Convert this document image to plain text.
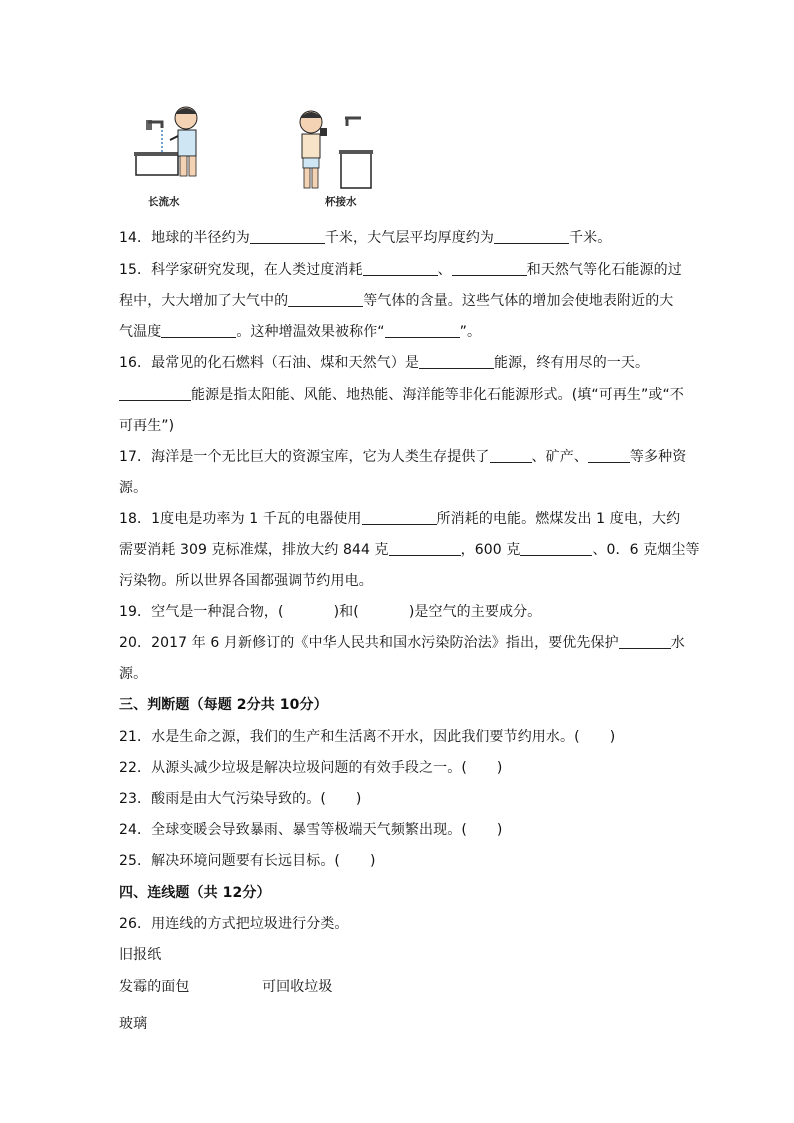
长流水	杯接水
14．地球的半径约为	千米，大气层平均厚度约为	千米。
15．科学家研究发现，在人类过度消耗	、	和天然气等化石能源的过
程中，大大增加了大气中的	等气体的含量。这些气体的增加会使地表附近的大
气温度	。这种增温效果被称作“	”。
16．最常见的化石燃料（石油、煤和天然气）是	能源，终有用尽的一天。
能源是指太阳能、风能、地热能、海洋能等非化石能源形式。(填“可再生”或“不
可再生”)
17．海洋是一个无比巨大的资源宝库，它为人类生存提供了	、矿产、	等多种资
源。
18．1度电是功率为 1 千瓦的电器使用	所消耗的电能。燃煤发出 1 度电，大约
需要消耗 309 克标准煤，排放大约 844 克	，600 克	、0．6 克烟尘等
污染物。所以世界各国都强调节约用电。
19．空气是一种混合物，(	)和(	)是空气的主要成分。
20．2017 年 6 月新修订的《中华人民共和国水污染防治法》指出，要优先保护	水
源。
三、判断题（每题 2分共 10分）
21．水是生命之源，我们的生产和生活离不开水，因此我们要节约用水。( )
22．从源头减少垃圾是解决垃圾问题的有效手段之一。( )
23．酸雨是由大气污染导致的。( )
24．全球变暖会导致暴雨、暴雪等极端天气频繁出现。( )
25．解决环境问题要有长远目标。( )
四、连线题（共 12分）
26．用连线的方式把垃圾进行分类。
旧报纸
发霉的面包	可回收垃圾
玻璃
